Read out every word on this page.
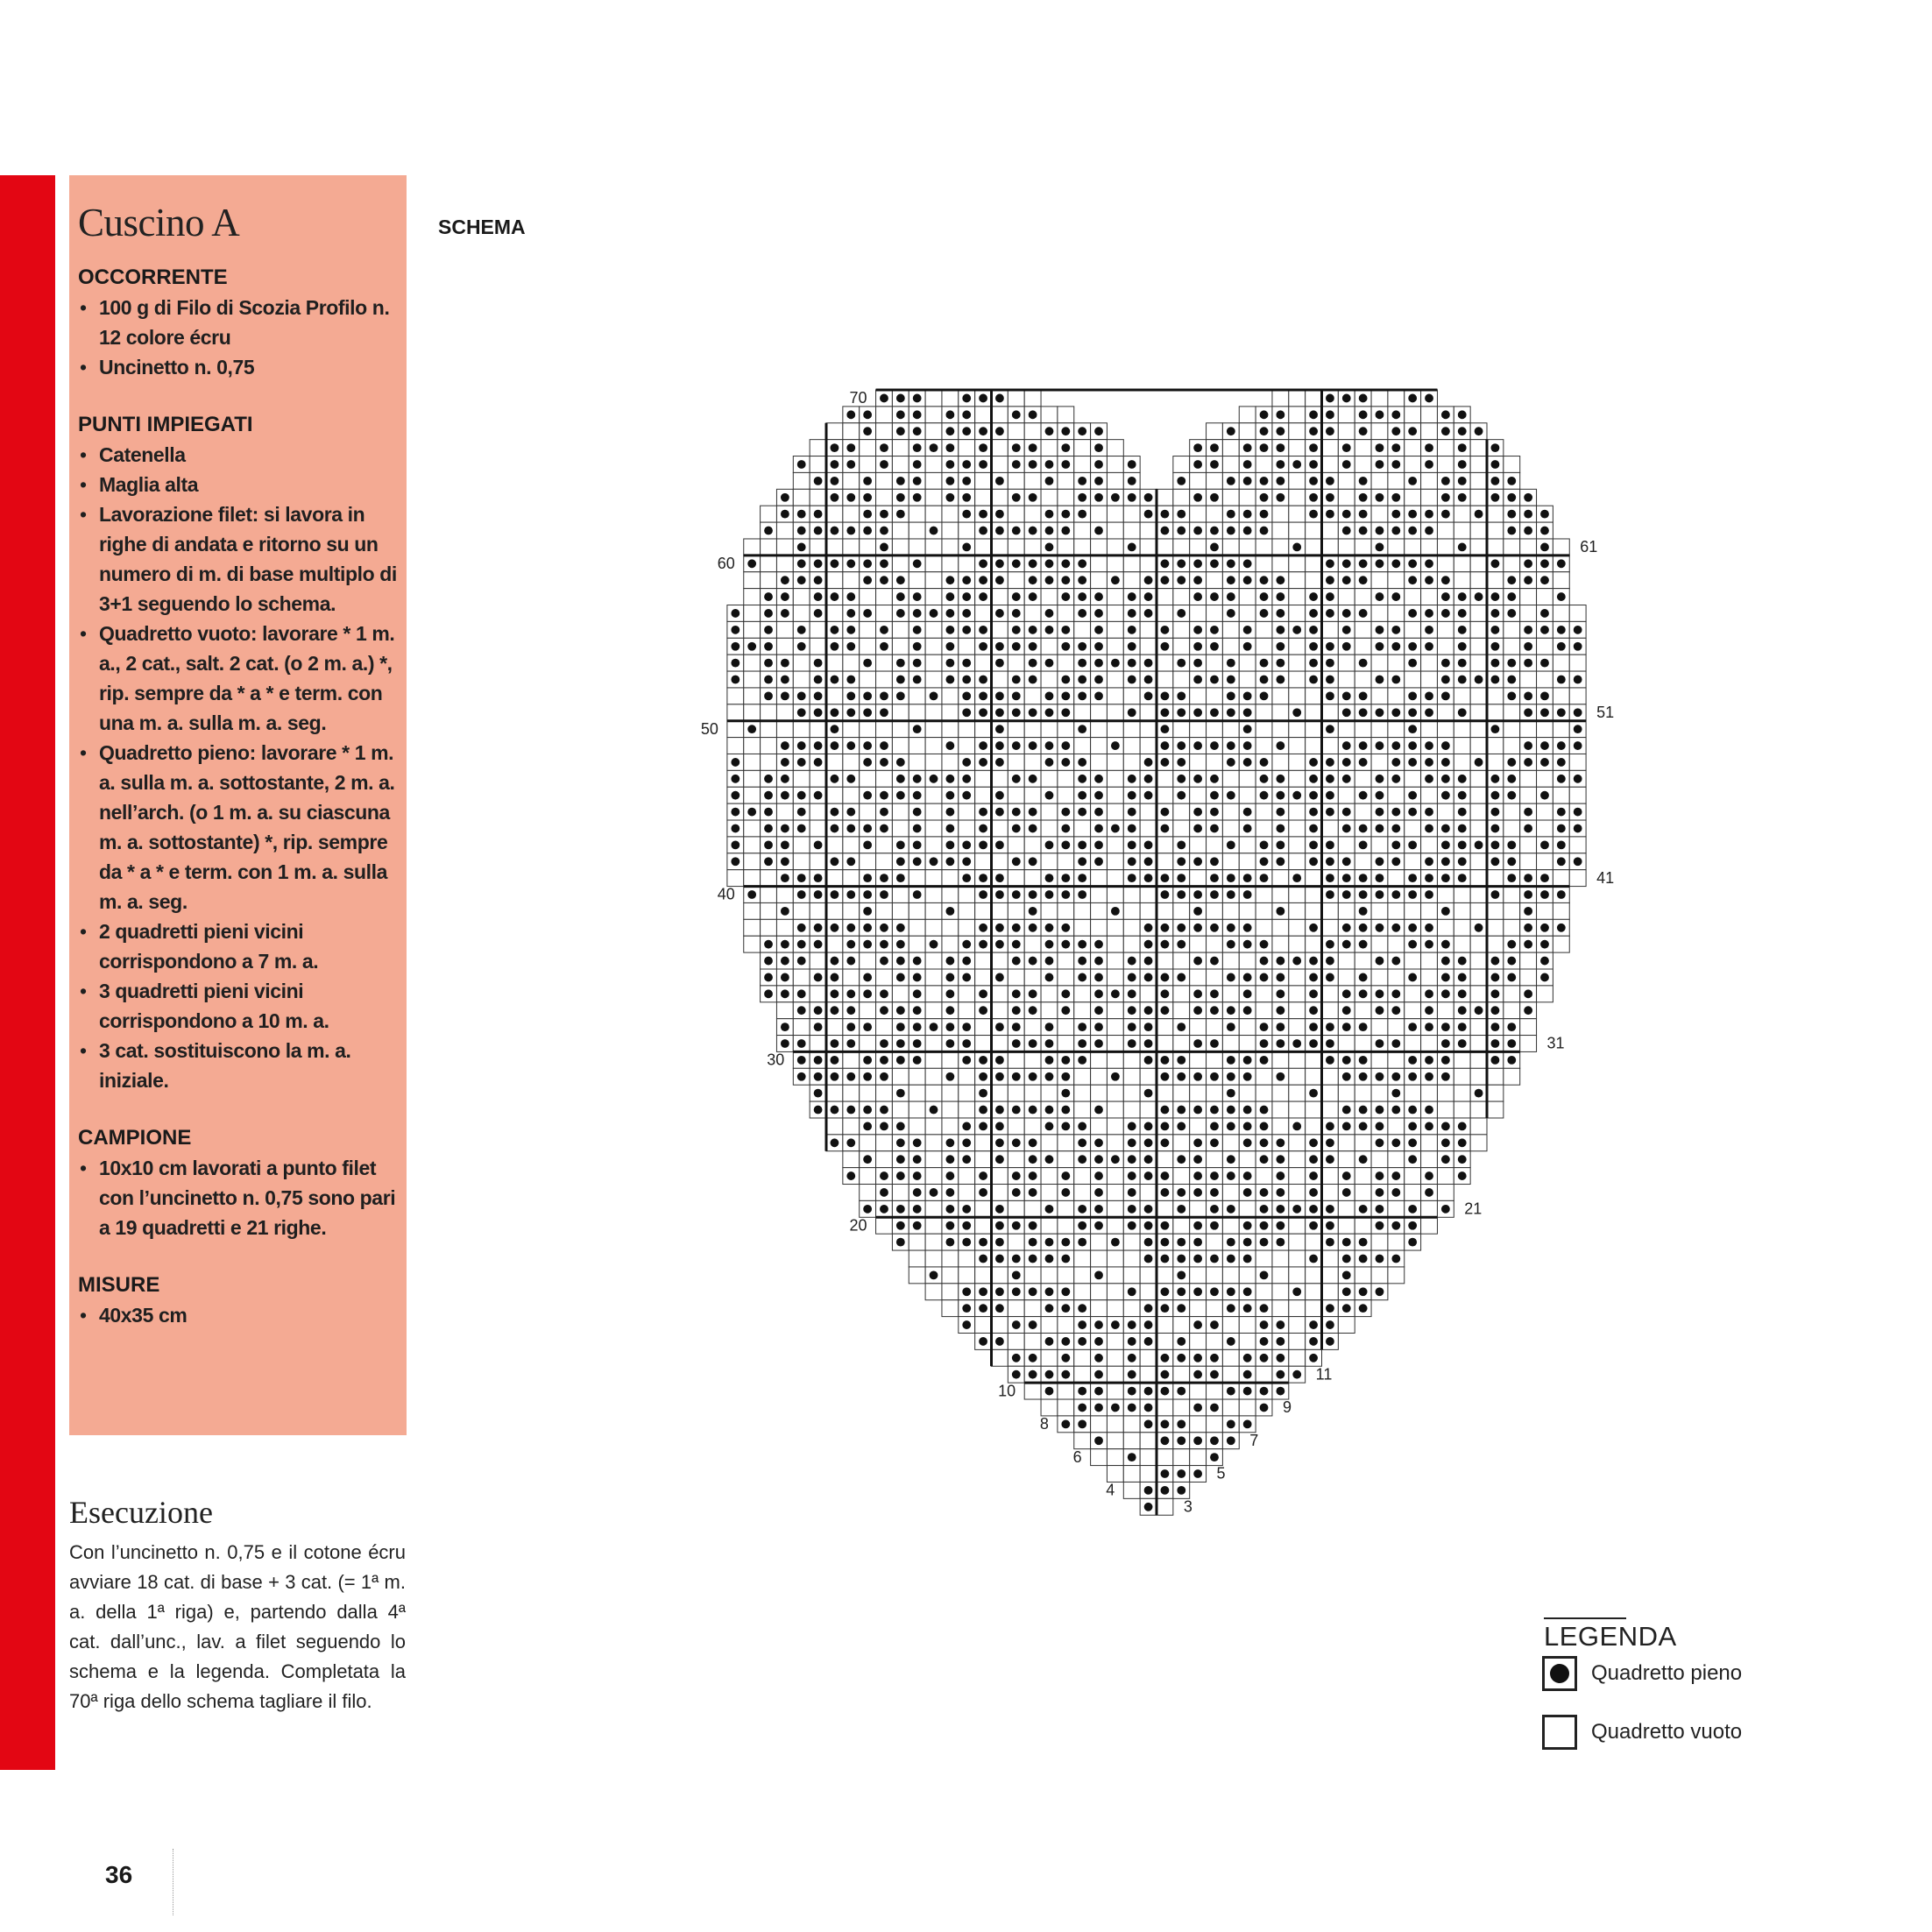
Cuscino A

OCCORRENTE

• 100 g di Filo di Scozia Profilo n. 12 colore écru
• Uncinetto n. 0,75

PUNTI IMPIEGATI

• Catenella
• Maglia alta
• Lavorazione filet: si lavora in righe di andata e ritorno su un numero di m. di base multiplo di 3+1 seguendo lo schema.
• Quadretto vuoto: lavorare * 1 m. a., 2 cat., salt. 2 cat. (o 2 m. a.) *, rip. sempre da * a * e term. con una m. a. sulla m. a. seg.
• Quadretto pieno: lavorare * 1 m. a. sulla m. a. sottostante, 2 m. a. nell’arch. (o 1 m. a. su ciascuna m. a. sottostante) *, rip. sempre da * a * e term. con 1 m. a. sulla m. a. seg.
• 2 quadretti pieni vicini corrispondono a 7 m. a.
• 3 quadretti pieni vicini corrispondono a 10 m. a.
• 3 cat. sostituiscono la m. a. iniziale.

CAMPIONE

• 10x10 cm lavorati a punto filet con l’uncinetto n. 0,75 sono pari a 19 quadretti e 21 righe.

MISURE

• 40x35 cm
Esecuzione

Con l’uncinetto n. 0,75 e il cotone écru avviare 18 cat. di base + 3 cat. (= 1ª m. a. della 1ª riga) e, partendo dalla 4ª cat. dall’unc., lav. a filet seguendo lo schema e la legenda. Completata la 70ª riga dello schema tagliare il filo.

SCHEMA

4
6
8
10
20
30
40
50
60
70
3
5
7
9
11
21
31
41
51
61

LEGENDA

Quadretto pieno
Quadretto vuoto

36
